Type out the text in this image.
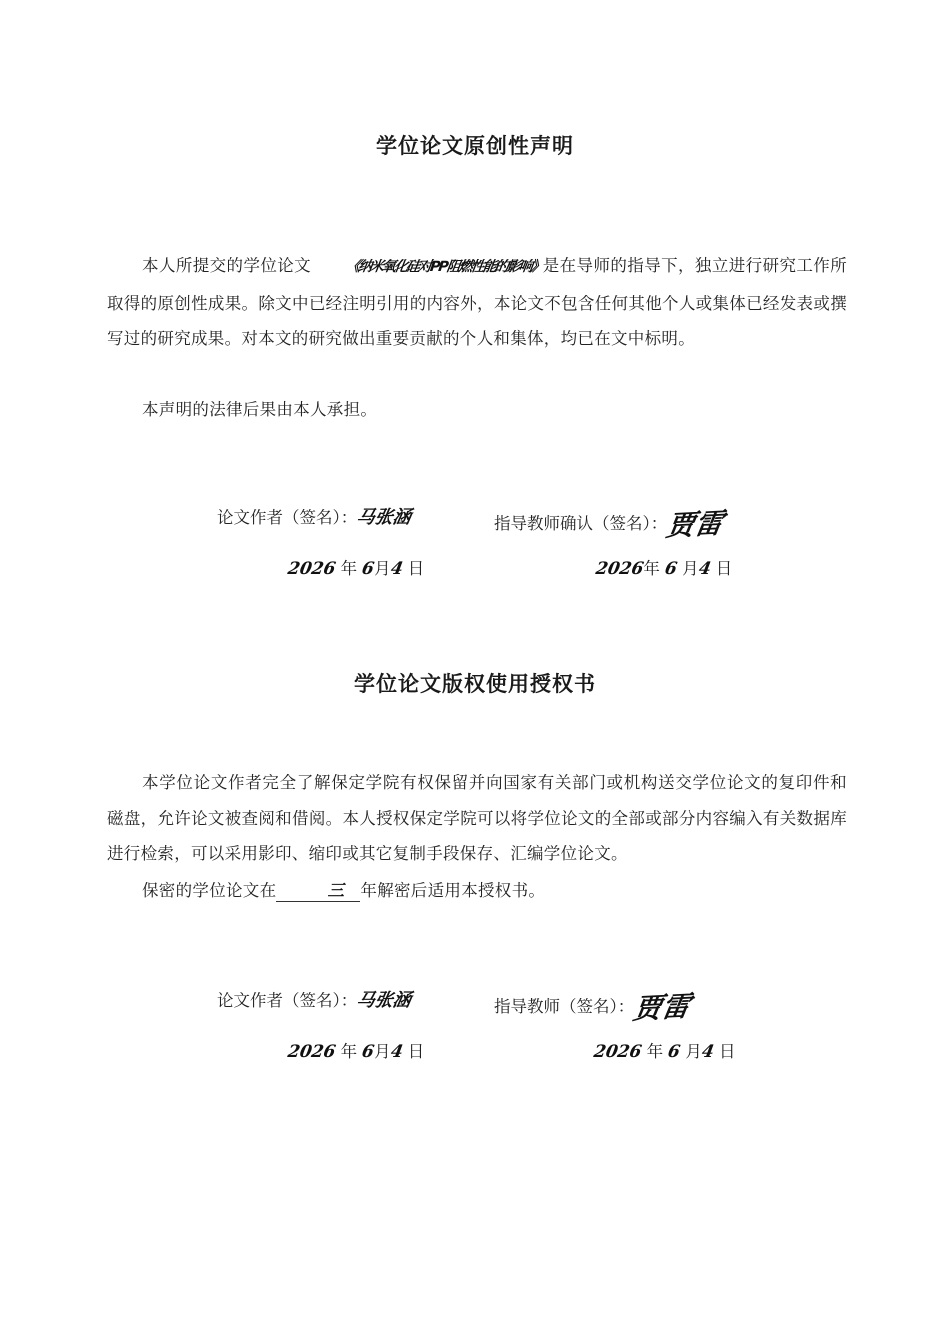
学位论文原创性声明
本人所提交的学位论文 《纳米氧化硅对PP阻燃性能的影响》是在导师的指导下，独立进行研究工作所取得的原创性成果。除文中已经注明引用的内容外，本论文不包含任何其他个人或集体已经发表或撰写过的研究成果。对本文的研究做出重要贡献的个人和集体，均已在文中标明。
本声明的法律后果由本人承担。
论文作者（签名）：马张涵	指导教师确认（签名）：贾雷
2026 年 6月4 日	2026年 6 月4 日
学位论文版权使用授权书
本学位论文作者完全了解保定学院有权保留并向国家有关部门或机构送交学位论文的复印件和磁盘，允许论文被查阅和借阅。本人授权保定学院可以将学位论文的全部或部分内容编入有关数据库进行检索，可以采用影印、缩印或其它复制手段保存、汇编学位论文。
保密的学位论文在	三 年解密后适用本授权书。
论文作者（签名）：马张涵	指导教师（签名）：贾雷
2026 年 6月4 日	2026 年 6 月4 日
